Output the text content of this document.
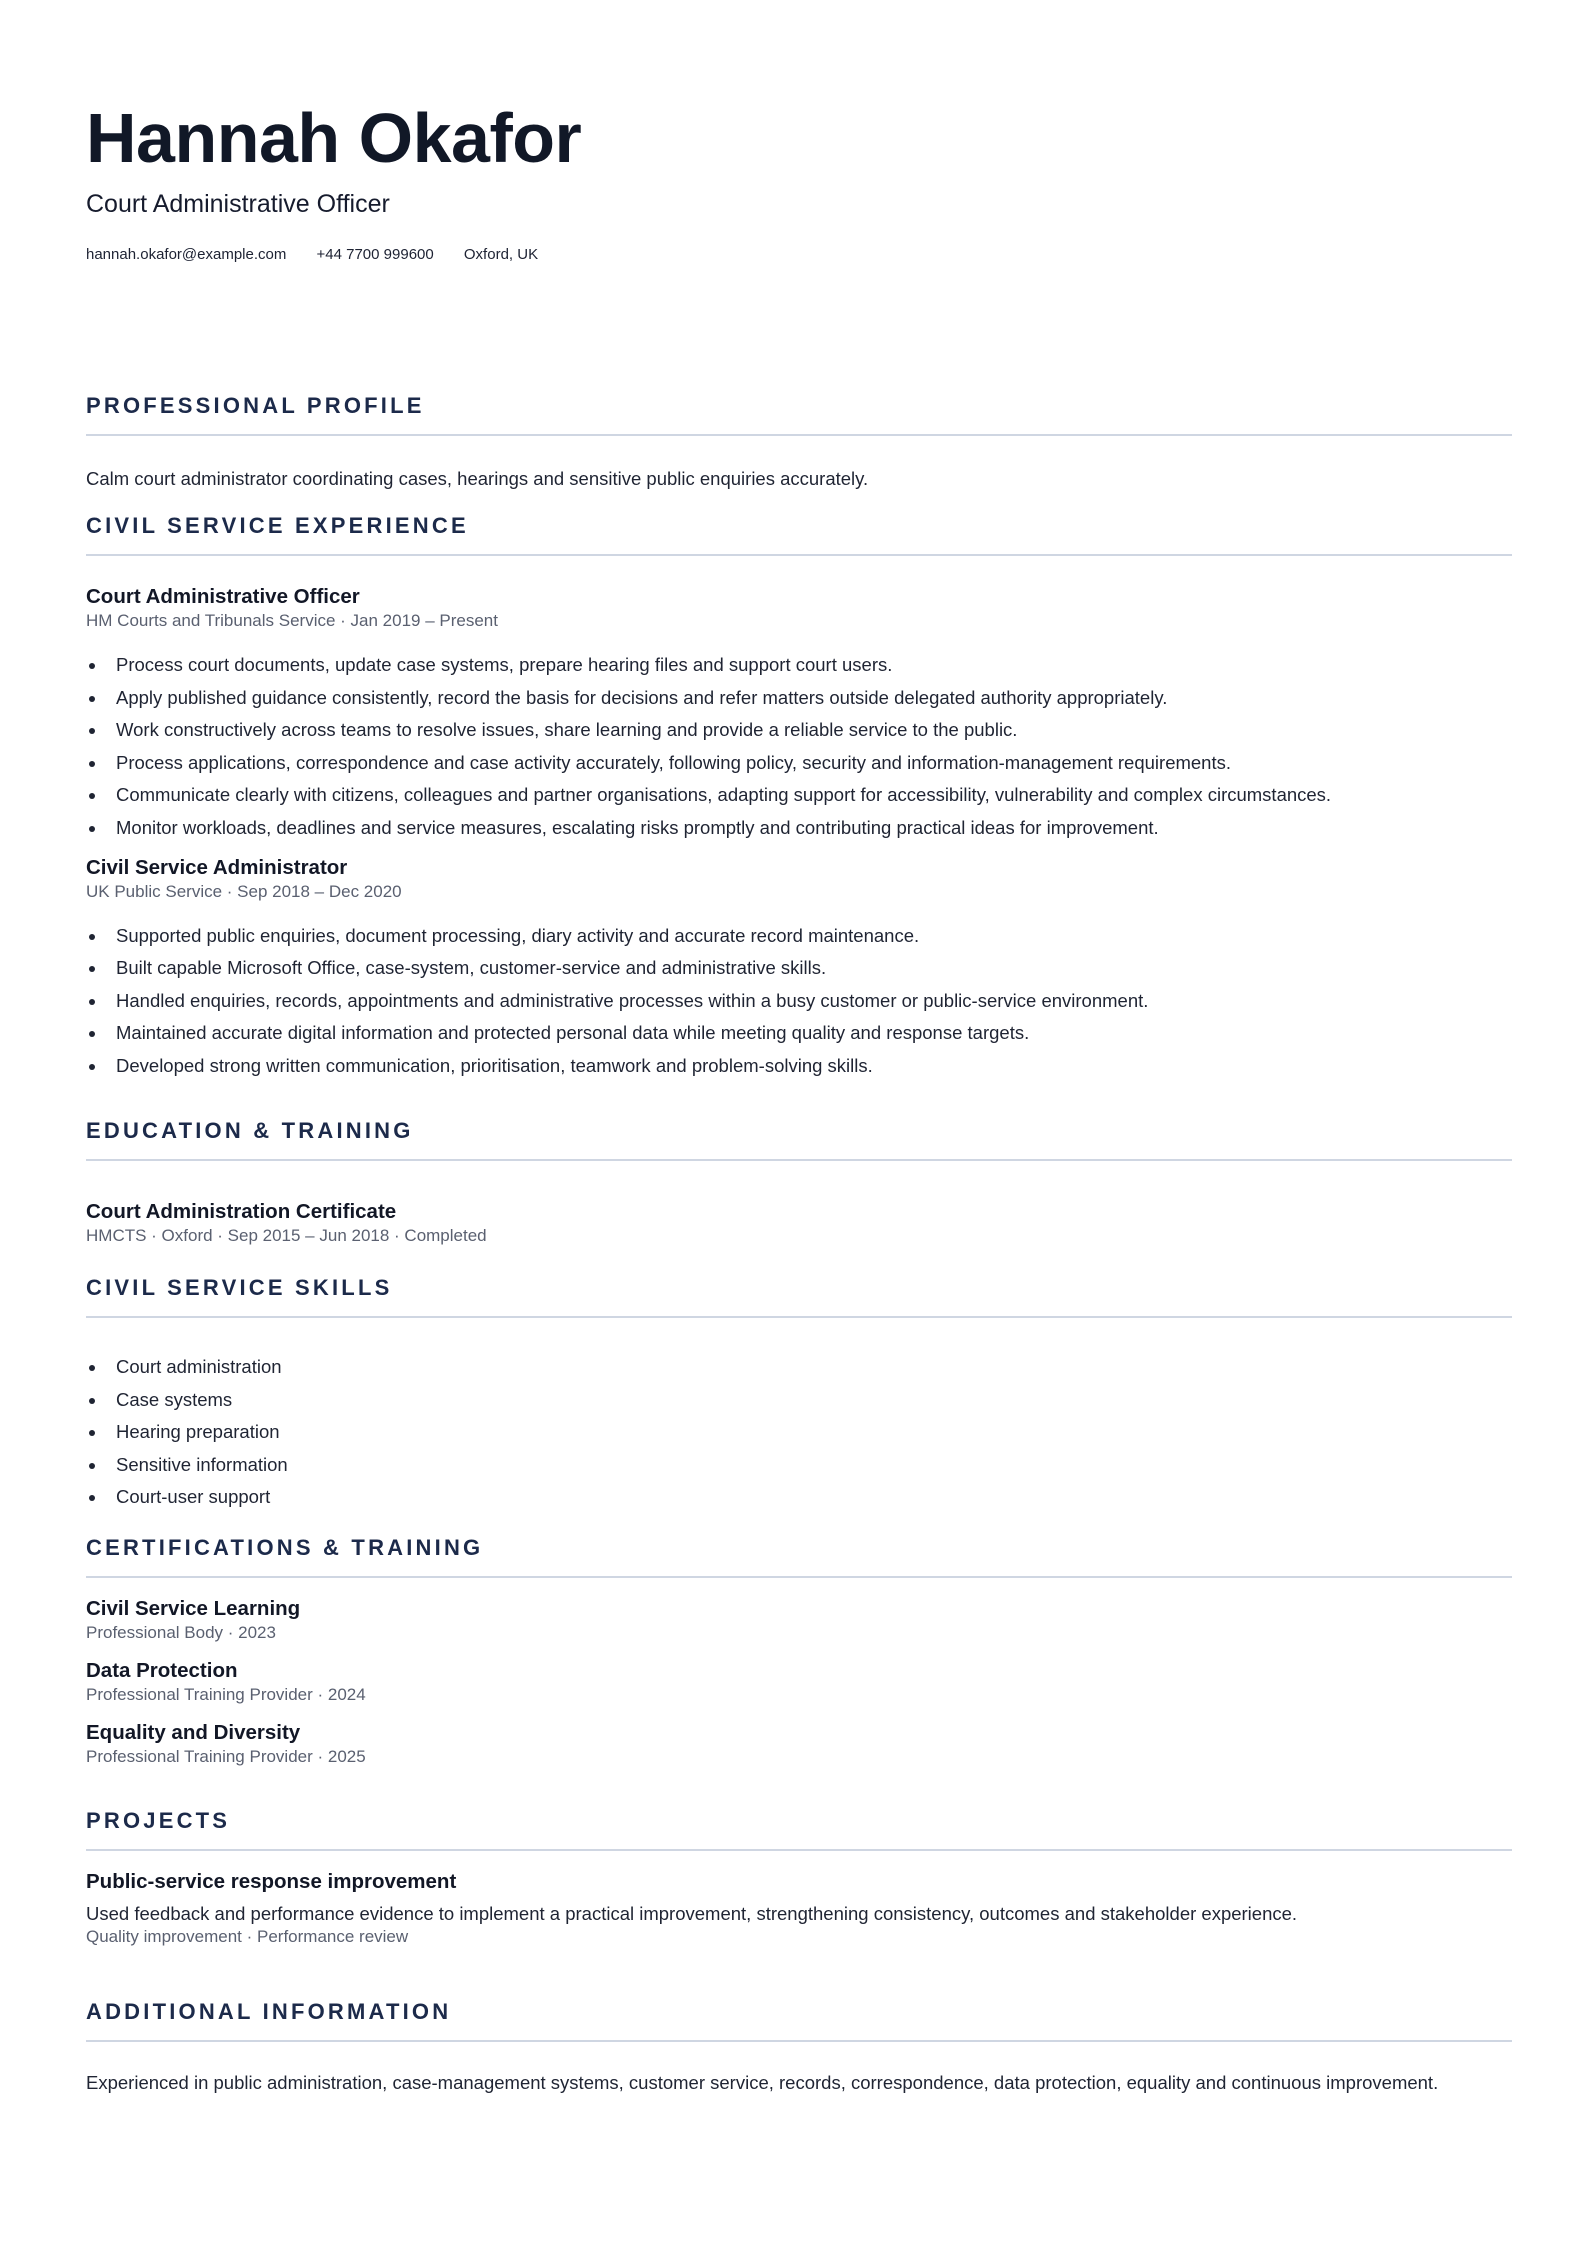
Hannah Okafor
Court Administrative Officer
hannah.okafor@example.com +44 7700 999600 Oxford, UK
PROFESSIONAL PROFILE
Calm court administrator coordinating cases, hearings and sensitive public enquiries accurately.
CIVIL SERVICE EXPERIENCE
Court Administrative Officer
HM Courts and Tribunals Service · Jan 2019 – Present
Process court documents, update case systems, prepare hearing files and support court users.
Apply published guidance consistently, record the basis for decisions and refer matters outside delegated authority appropriately.
Work constructively across teams to resolve issues, share learning and provide a reliable service to the public.
Process applications, correspondence and case activity accurately, following policy, security and information-management requirements.
Communicate clearly with citizens, colleagues and partner organisations, adapting support for accessibility, vulnerability and complex circumstances.
Monitor workloads, deadlines and service measures, escalating risks promptly and contributing practical ideas for improvement.
Civil Service Administrator
UK Public Service · Sep 2018 – Dec 2020
Supported public enquiries, document processing, diary activity and accurate record maintenance.
Built capable Microsoft Office, case-system, customer-service and administrative skills.
Handled enquiries, records, appointments and administrative processes within a busy customer or public-service environment.
Maintained accurate digital information and protected personal data while meeting quality and response targets.
Developed strong written communication, prioritisation, teamwork and problem-solving skills.
EDUCATION & TRAINING
Court Administration Certificate
HMCTS · Oxford · Sep 2015 – Jun 2018 · Completed
CIVIL SERVICE SKILLS
Court administration
Case systems
Hearing preparation
Sensitive information
Court-user support
CERTIFICATIONS & TRAINING
Civil Service Learning
Professional Body · 2023
Data Protection
Professional Training Provider · 2024
Equality and Diversity
Professional Training Provider · 2025
PROJECTS
Public-service response improvement
Used feedback and performance evidence to implement a practical improvement, strengthening consistency, outcomes and stakeholder experience.
Quality improvement · Performance review
ADDITIONAL INFORMATION
Experienced in public administration, case-management systems, customer service, records, correspondence, data protection, equality and continuous improvement.
